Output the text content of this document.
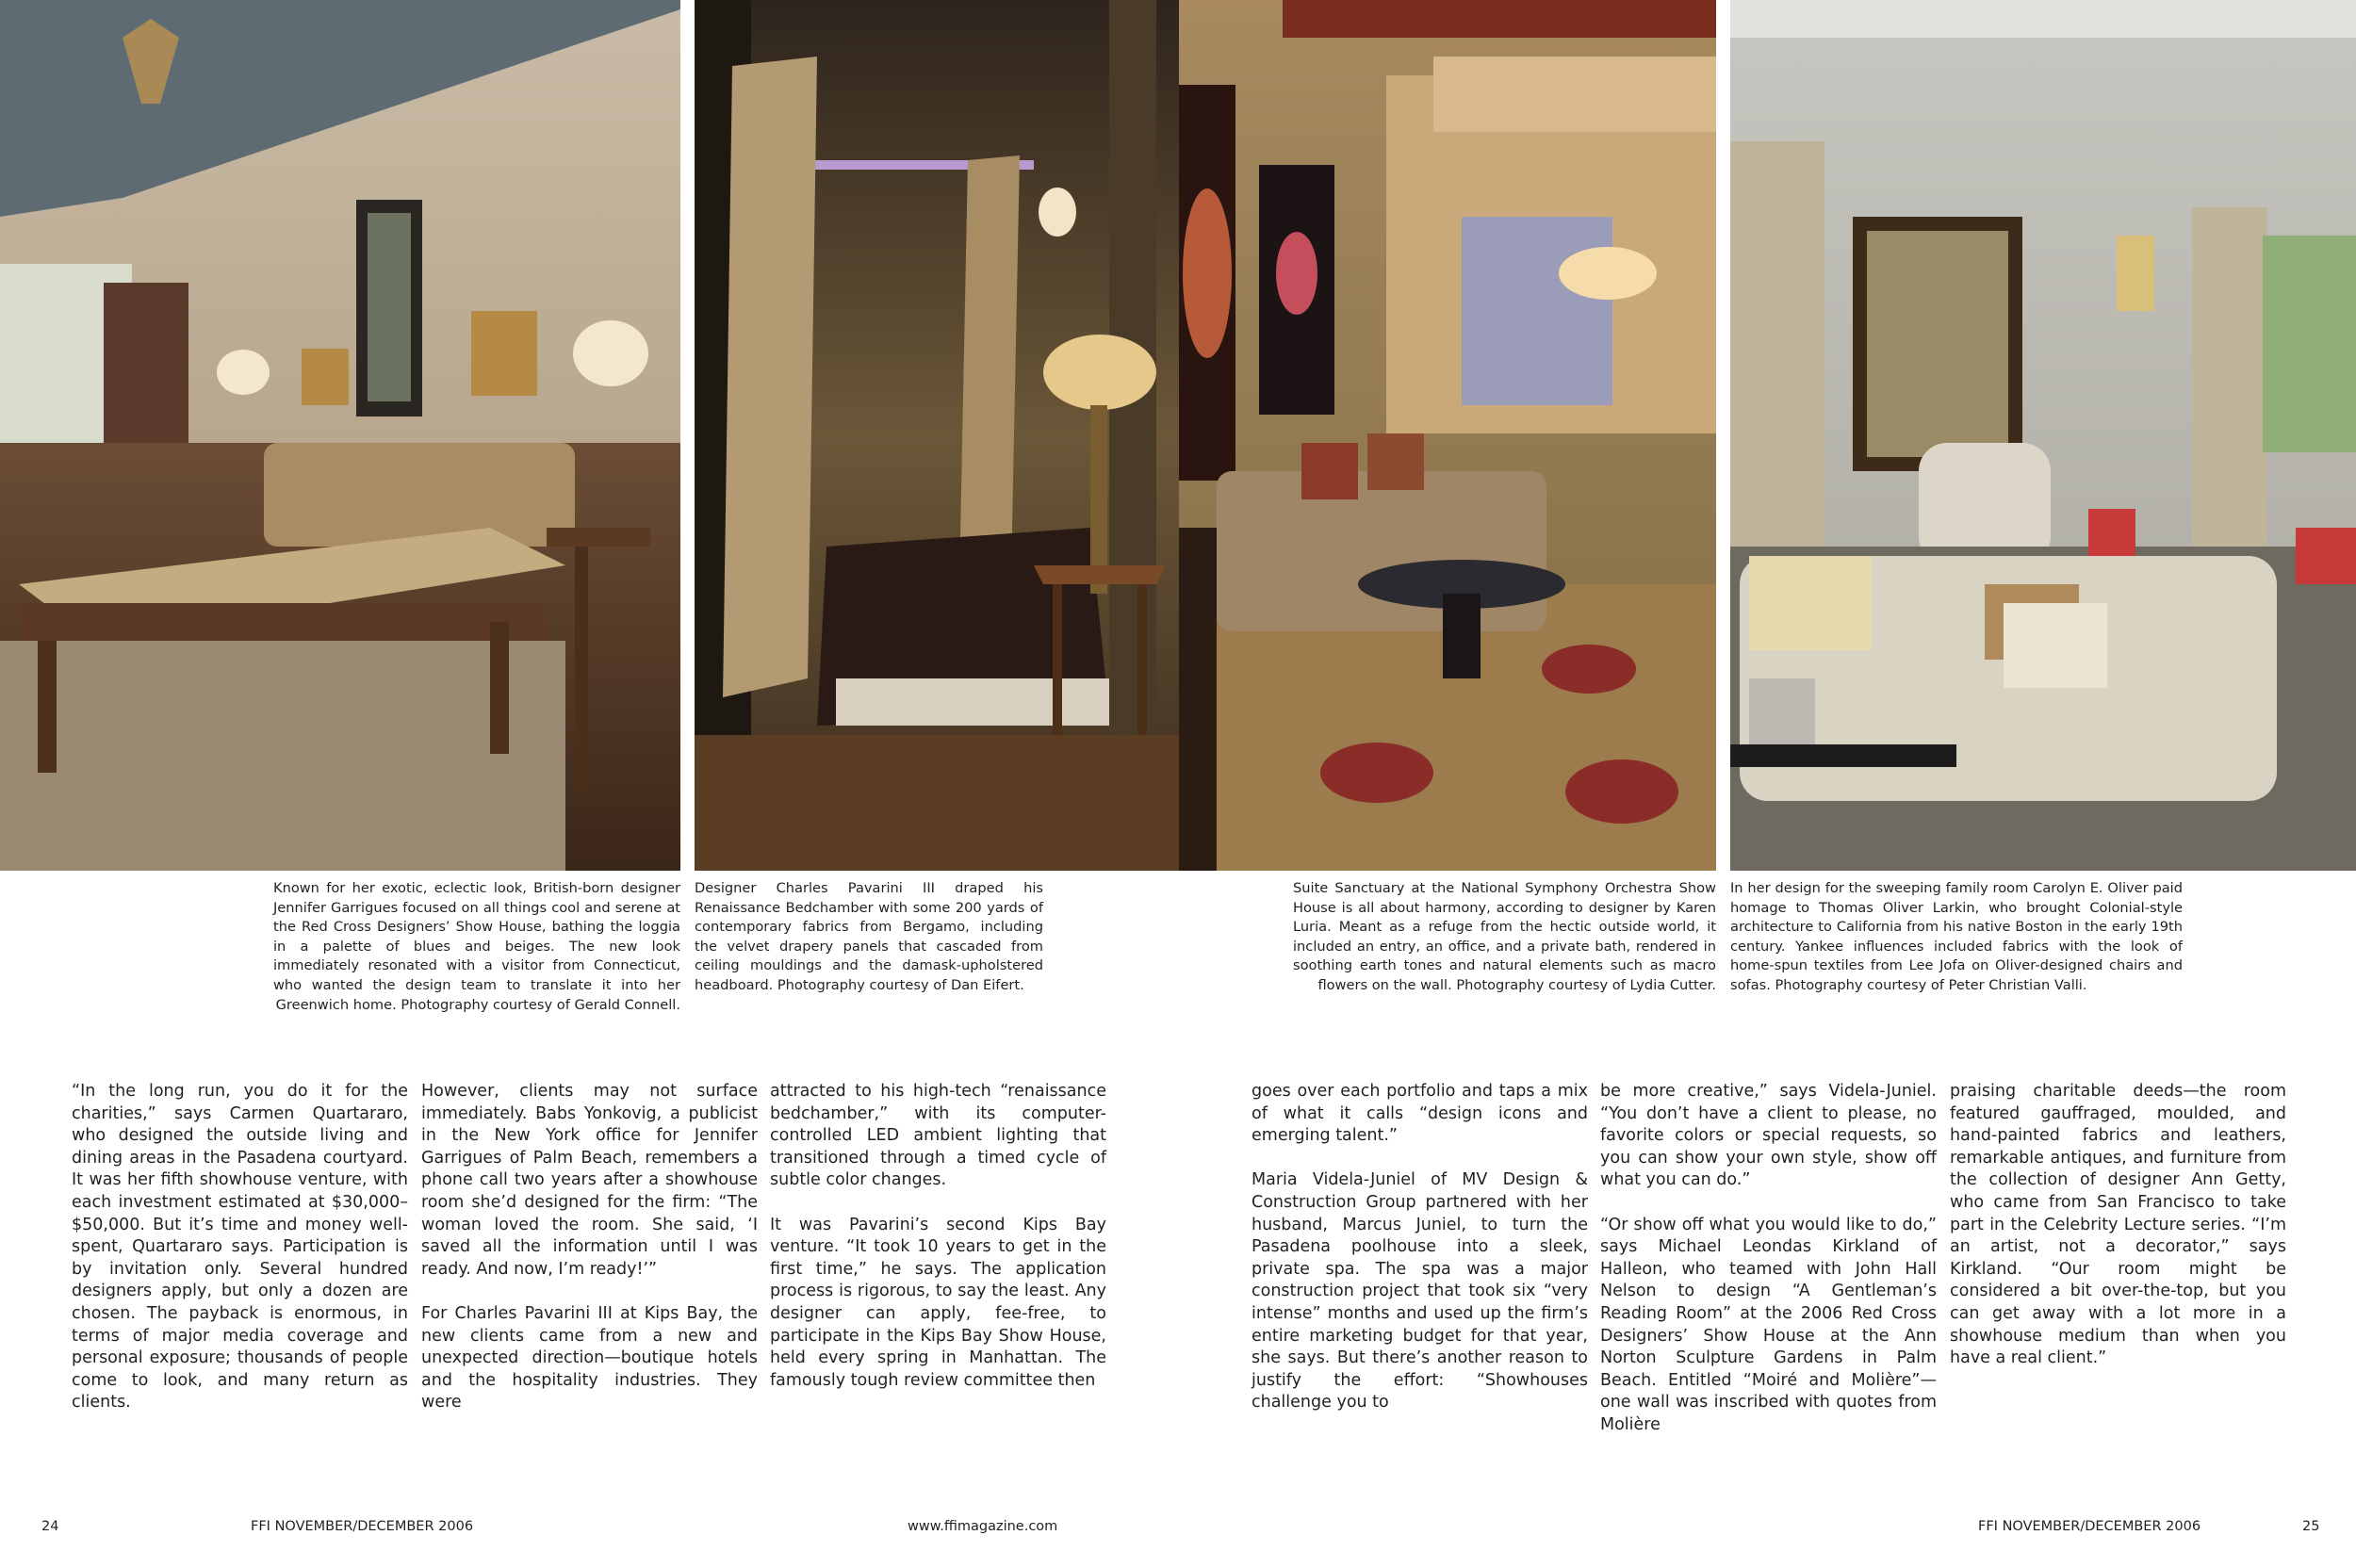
Known for her exotic, eclectic look, British-born designer Jennifer Garrigues focused on all things cool and serene at the Red Cross Designers’ Show House, bathing the loggia in a palette of blues and beiges. The new look immediately resonated with a visitor from Connecticut, who wanted the design team to translate it into her Greenwich home. Photography courtesy of Gerald Connell.

Designer Charles Pavarini III draped his Renaissance Bedchamber with some 200 yards of contemporary fabrics from Bergamo, including the velvet drapery panels that cascaded from ceiling mouldings and the damask-upholstered headboard. Photography courtesy of Dan Eifert.

Suite Sanctuary at the National Symphony Orchestra Show House is all about harmony, according to designer by Karen Luria. Meant as a refuge from the hectic outside world, it included an entry, an office, and a private bath, rendered in soothing earth tones and natural elements such as macro flowers on the wall. Photography courtesy of Lydia Cutter.

In her design for the sweeping family room Carolyn E. Oliver paid homage to Thomas Oliver Larkin, who brought Colonial-style architecture to California from his native Boston in the early 19th century. Yankee influences included fabrics with the look of home-spun textiles from Lee Jofa on Oliver-designed chairs and sofas. Photography courtesy of Peter Christian Valli.

“In the long run, you do it for the charities,” says Carmen Quartararo, who designed the outside living and dining areas in the Pasadena courtyard. It was her fifth showhouse venture, with each investment estimated at $30,000–$50,000. But it’s time and money well-spent, Quartararo says. Participation is by invitation only. Several hundred designers apply, but only a dozen are chosen. The payback is enormous, in terms of major media coverage and personal exposure; thousands of people come to look, and many return as clients.

However, clients may not surface immediately. Babs Yonkovig, a publicist in the New York office for Jennifer Garrigues of Palm Beach, remembers a phone call two years after a showhouse room she’d designed for the firm: “The woman loved the room. She said, ‘I saved all the information until I was ready. And now, I’m ready!’”

For Charles Pavarini III at Kips Bay, the new clients came from a new and unexpected direction—boutique hotels and the hospitality industries. They were

attracted to his high-tech “renaissance bedchamber,” with its computer-controlled LED ambient lighting that transitioned through a timed cycle of subtle color changes.

It was Pavarini’s second Kips Bay venture. “It took 10 years to get in the first time,” he says. The application process is rigorous, to say the least. Any designer can apply, fee-free, to participate in the Kips Bay Show House, held every spring in Manhattan. The famously tough review committee then

goes over each portfolio and taps a mix of what it calls “design icons and emerging talent.”

Maria Videla-Juniel of MV Design & Construction Group partnered with her husband, Marcus Juniel, to turn the Pasadena poolhouse into a sleek, private spa. The spa was a major construction project that took six “very intense” months and used up the firm’s entire marketing budget for that year, she says. But there’s another reason to justify the effort: “Showhouses challenge you to

be more creative,” says Videla-Juniel. “You don’t have a client to please, no favorite colors or special requests, so you can show your own style, show off what you can do.”

“Or show off what you would like to do,” says Michael Leondas Kirkland of Halleon, who teamed with John Hall Nelson to design “A Gentleman’s Reading Room” at the 2006 Red Cross Designers’ Show House at the Ann Norton Sculpture Gardens in Palm Beach. Entitled “Moiré and Molière”—one wall was inscribed with quotes from Molière

praising charitable deeds—the room featured gauffraged, moulded, and hand-painted fabrics and leathers, remarkable antiques, and furniture from the collection of designer Ann Getty, who came from San Francisco to take part in the Celebrity Lecture series. “I’m an artist, not a decorator,” says Kirkland. “Our room might be considered a bit over-the-top, but you can get away with a lot more in a showhouse medium than when you have a real client.”

24	FFI NOVEMBER/DECEMBER 2006	www.ffimagazine.com	FFI NOVEMBER/DECEMBER 2006	25
